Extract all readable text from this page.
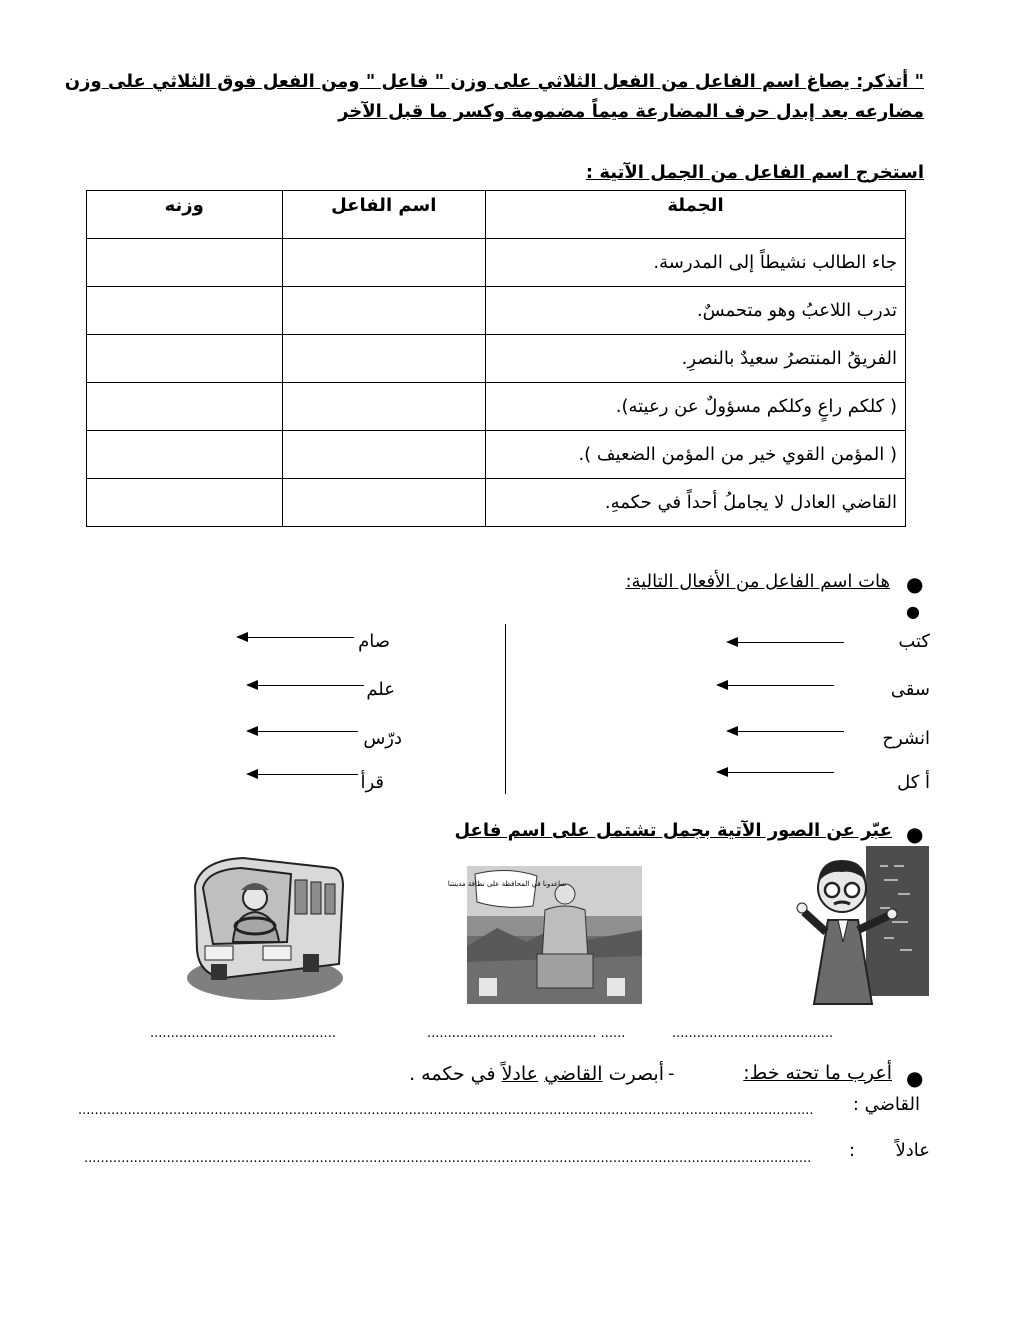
" أتذكر: يصاغ اسم الفاعل من الفعل الثلاثي على وزن " فاعل " ومن الفعل فوق الثلاثي على وزن
مضارعه بعد إبدل حرف المضارعة ميماً مضمومة وكسر ما قبل الآخر
استخرج اسم الفاعل من الجمل الآتية :
الجملة	اسم الفاعل	وزنه
جاء الطالب نشيطاً إلى المدرسة.		
تدرب اللاعبُ وهو متحمسٌ.		
الفريقُ المنتصرُ سعيدٌ بالنصرِ.		
( كلكم راعٍ وكلكم مسؤولٌ عن رعيته).		
( المؤمن القوي خير من المؤمن الضعيف ).		
القاضي العادل لا يجاملُ أحداً في حكمهِ.		
●
هات اسم الفاعل من الأفعال التالية:
●
كتب
سقى
انشرح
أ كل
صام
علم
درّس
قرأ
●
عبّر عن الصور الآتية بجمل تشتمل على اسم فاعل
ساعدونا في المحافظة على نظافة مدينتنا
.............................................	......................................... ......	.......................................
●
أعرب ما تحته خط:
-
أبصرت القاضي عادلاً في حكمه .
القاضي :
..................................................................................................................................................................................
عادلاً
:
................................................................................................................................................................................
